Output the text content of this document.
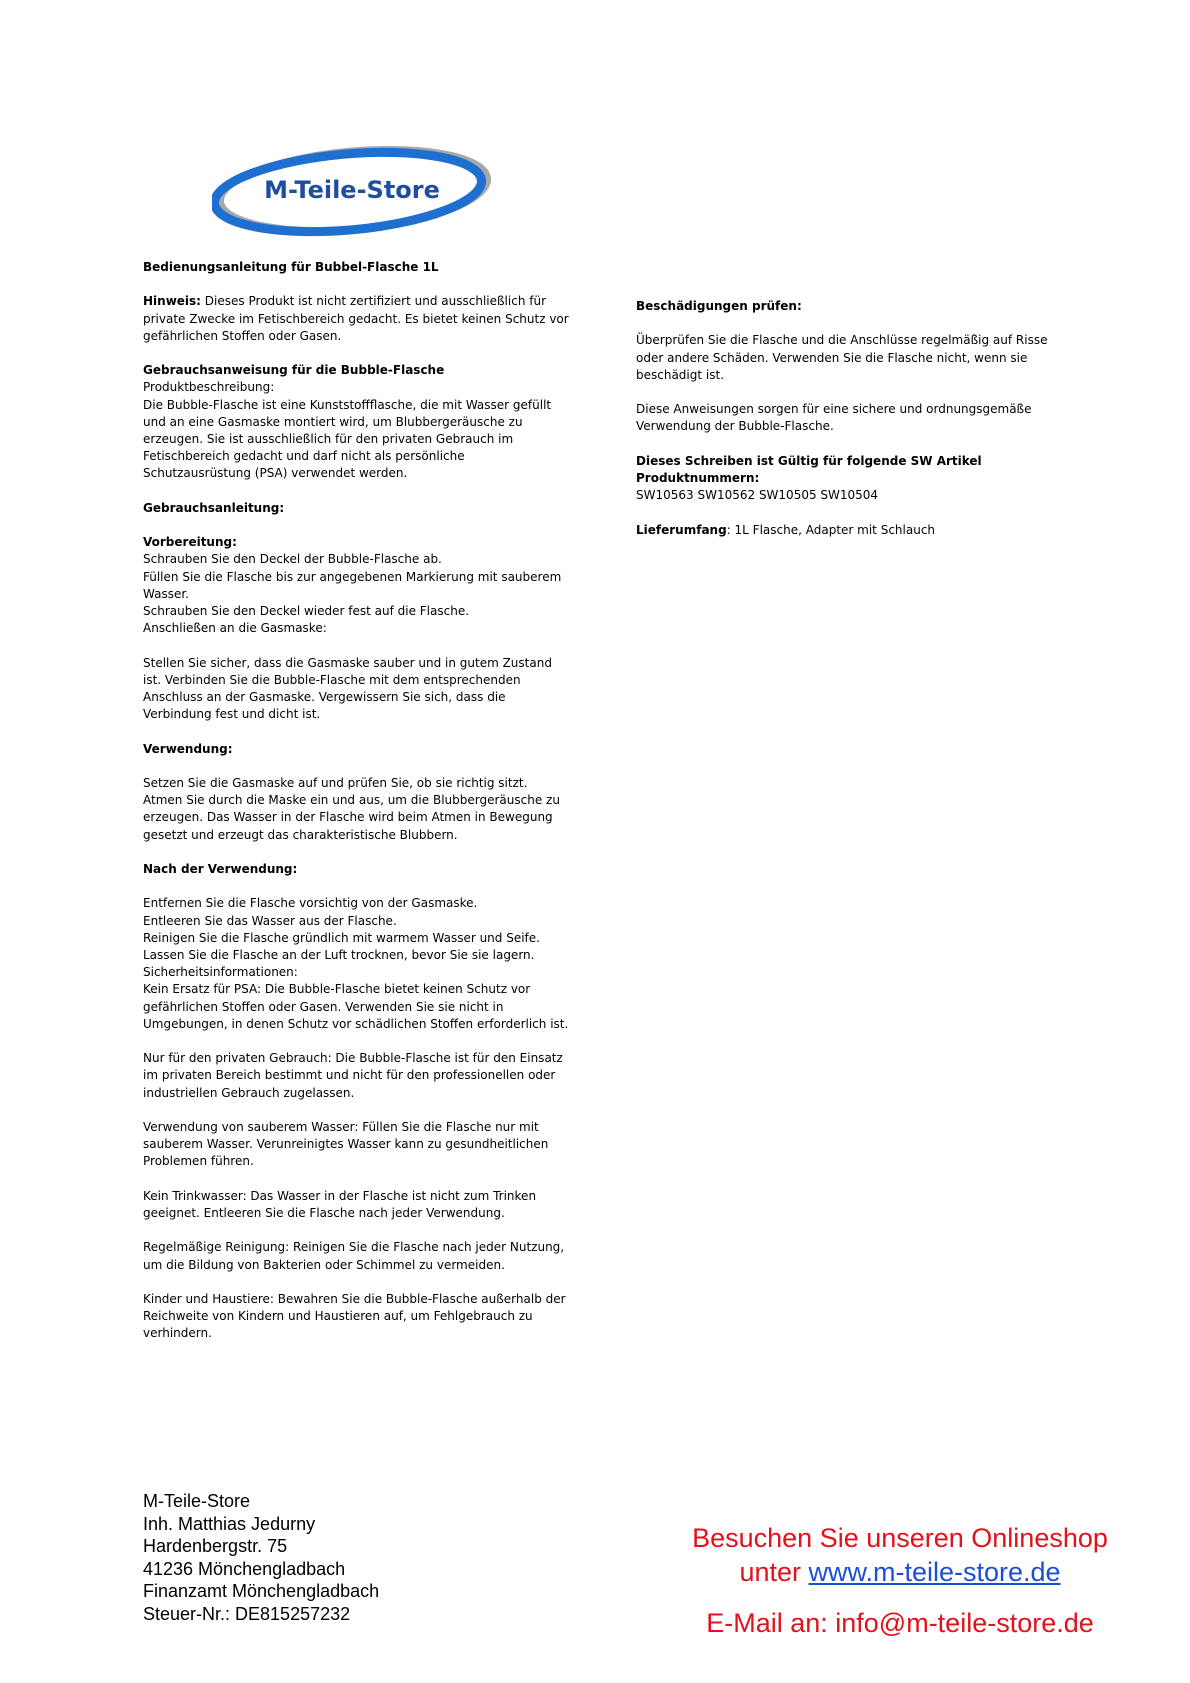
M-Teile-Store

Bedienungsanleitung für Bubbel-Flasche 1L

Hinweis: Dieses Produkt ist nicht zertifiziert und ausschließlich für private Zwecke im Fetischbereich gedacht. Es bietet keinen Schutz vor gefährlichen Stoffen oder Gasen.

Gebrauchsanweisung für die Bubble-Flasche

Produktbeschreibung:

Die Bubble-Flasche ist eine Kunststoffflasche, die mit Wasser gefüllt und an eine Gasmaske montiert wird, um Blubbergeräusche zu erzeugen. Sie ist ausschließlich für den privaten Gebrauch im Fetischbereich gedacht und darf nicht als persönliche Schutzausrüstung (PSA) verwendet werden.

Gebrauchsanleitung:

Vorbereitung:

Schrauben Sie den Deckel der Bubble-Flasche ab.

Füllen Sie die Flasche bis zur angegebenen Markierung mit sauberem Wasser.

Schrauben Sie den Deckel wieder fest auf die Flasche.

Anschließen an die Gasmaske:

Stellen Sie sicher, dass die Gasmaske sauber und in gutem Zustand ist. Verbinden Sie die Bubble-Flasche mit dem entsprechenden Anschluss an der Gasmaske. Vergewissern Sie sich, dass die Verbindung fest und dicht ist.

Verwendung:

Setzen Sie die Gasmaske auf und prüfen Sie, ob sie richtig sitzt.

Atmen Sie durch die Maske ein und aus, um die Blubbergeräusche zu erzeugen. Das Wasser in der Flasche wird beim Atmen in Bewegung gesetzt und erzeugt das charakteristische Blubbern.

Nach der Verwendung:

Entfernen Sie die Flasche vorsichtig von der Gasmaske.

Entleeren Sie das Wasser aus der Flasche.

Reinigen Sie die Flasche gründlich mit warmem Wasser und Seife.

Lassen Sie die Flasche an der Luft trocknen, bevor Sie sie lagern.

Sicherheitsinformationen:

Kein Ersatz für PSA: Die Bubble-Flasche bietet keinen Schutz vor gefährlichen Stoffen oder Gasen. Verwenden Sie sie nicht in Umgebungen, in denen Schutz vor schädlichen Stoffen erforderlich ist.

Nur für den privaten Gebrauch: Die Bubble-Flasche ist für den Einsatz im privaten Bereich bestimmt und nicht für den professionellen oder industriellen Gebrauch zugelassen.

Verwendung von sauberem Wasser: Füllen Sie die Flasche nur mit sauberem Wasser. Verunreinigtes Wasser kann zu gesundheitlichen Problemen führen.

Kein Trinkwasser: Das Wasser in der Flasche ist nicht zum Trinken geeignet. Entleeren Sie die Flasche nach jeder Verwendung.

Regelmäßige Reinigung: Reinigen Sie die Flasche nach jeder Nutzung, um die Bildung von Bakterien oder Schimmel zu vermeiden.

Kinder und Haustiere: Bewahren Sie die Bubble-Flasche außerhalb der Reichweite von Kindern und Haustieren auf, um Fehlgebrauch zu verhindern.

Beschädigungen prüfen:

Überprüfen Sie die Flasche und die Anschlüsse regelmäßig auf Risse oder andere Schäden. Verwenden Sie die Flasche nicht, wenn sie beschädigt ist.

Diese Anweisungen sorgen für eine sichere und ordnungsgemäße Verwendung der Bubble-Flasche.

Dieses Schreiben ist Gültig für folgende SW Artikel Produktnummern:

SW10563 SW10562 SW10505 SW10504

Lieferumfang: 1L Flasche, Adapter mit Schlauch

M-Teile-Store
Inh. Matthias Jedurny
Hardenbergstr. 75
41236 Mönchengladbach
Finanzamt Mönchengladbach
Steuer-Nr.: DE815257232
Besuchen Sie unseren Onlineshop
unter www.m-teile-store.de
E-Mail an: info@m-teile-store.de
